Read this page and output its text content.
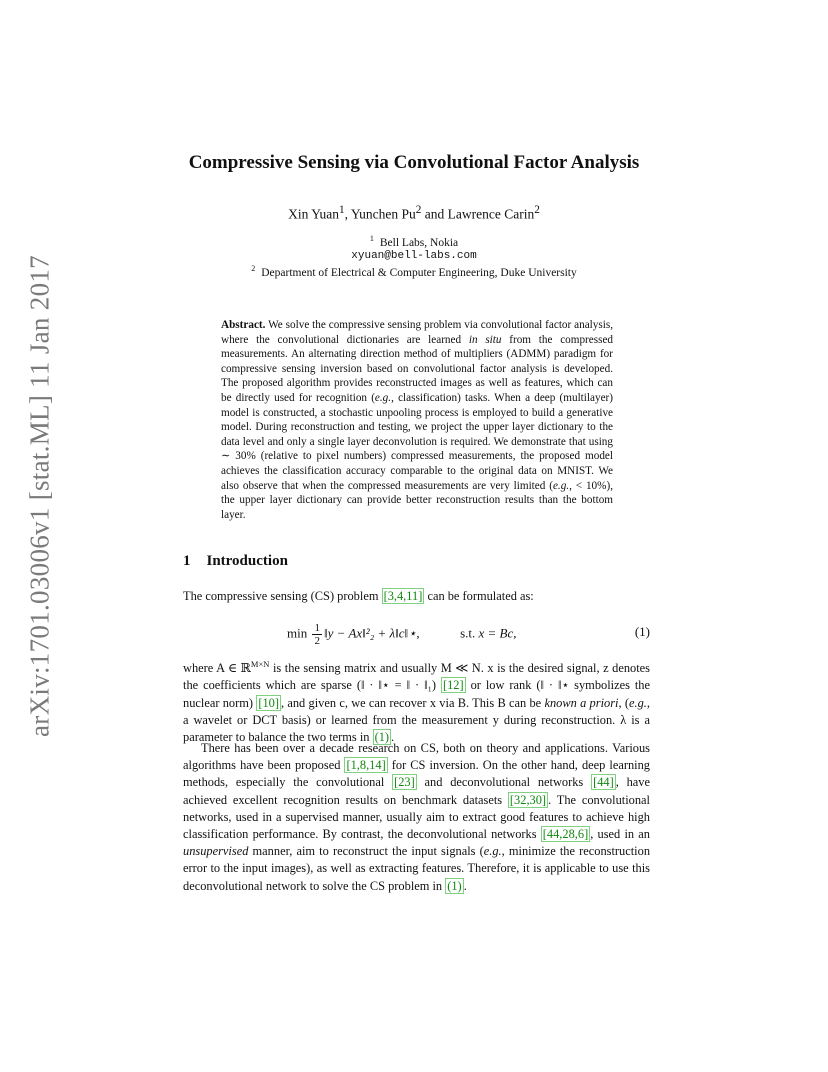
arXiv:1701.03006v1 [stat.ML] 11 Jan 2017
Compressive Sensing via Convolutional Factor Analysis
Xin Yuan$^1$, Yunchen Pu$^2$ and Lawrence Carin$^2$
$^1$ Bell Labs, Nokia
xyuan@bell-labs.com
$^2$ Department of Electrical & Computer Engineering, Duke University
Abstract. We solve the compressive sensing problem via convolutional factor analysis, where the convolutional dictionaries are learned in situ from the compressed measurements. An alternating direction method of multipliers (ADMM) paradigm for compressive sensing inversion based on convolutional factor analysis is developed. The proposed algorithm provides reconstructed images as well as features, which can be directly used for recognition (e.g., classification) tasks. When a deep (multilayer) model is constructed, a stochastic unpooling process is employed to build a generative model. During reconstruction and testing, we project the upper layer dictionary to the data level and only a single layer deconvolution is required. We demonstrate that using ∼ 30% (relative to pixel numbers) compressed measurements, the proposed model achieves the classification accuracy comparable to the original data on MNIST. We also observe that when the compressed measurements are very limited (e.g., < 10%), the upper layer dictionary can provide better reconstruction results than the bottom layer.
1 Introduction
The compressive sensing (CS) problem [3,4,11] can be formulated as:
$\min \frac{1}{2}$ ‖y − Ax‖²₂ + λ‖c‖⋆,	s.t. x = Bc,	(1)
where A ∈ ℝ$^{M\times N}$ is the sensing matrix and usually M ≪ N. x is the desired signal, z denotes the coefficients which are sparse (‖ · ‖⋆ = ‖ · ‖₁) [12] or low rank (‖ · ‖⋆ symbolizes the nuclear norm) [10] , and given c, we can recover x via B. This B can be known a priori, (e.g., a wavelet or DCT basis) or learned from the measurement y during reconstruction. λ is a parameter to balance the two terms in (1) .
There has been over a decade research on CS, both on theory and applications. Various algorithms have been proposed [1,8,14] for CS inversion. On the other hand, deep learning methods, especially the convolutional [23] and deconvolutional networks [44] , have achieved excellent recognition results on benchmark datasets [32,30] . The convolutional networks, used in a supervised manner, usually aim to extract good features to achieve high classification performance. By contrast, the deconvolutional networks [44,28,6] , used in an unsupervised manner, aim to reconstruct the input signals (e.g., minimize the reconstruction error to the input images), as well as extracting features. Therefore, it is applicable to use this deconvolutional network to solve the CS problem in (1) .
